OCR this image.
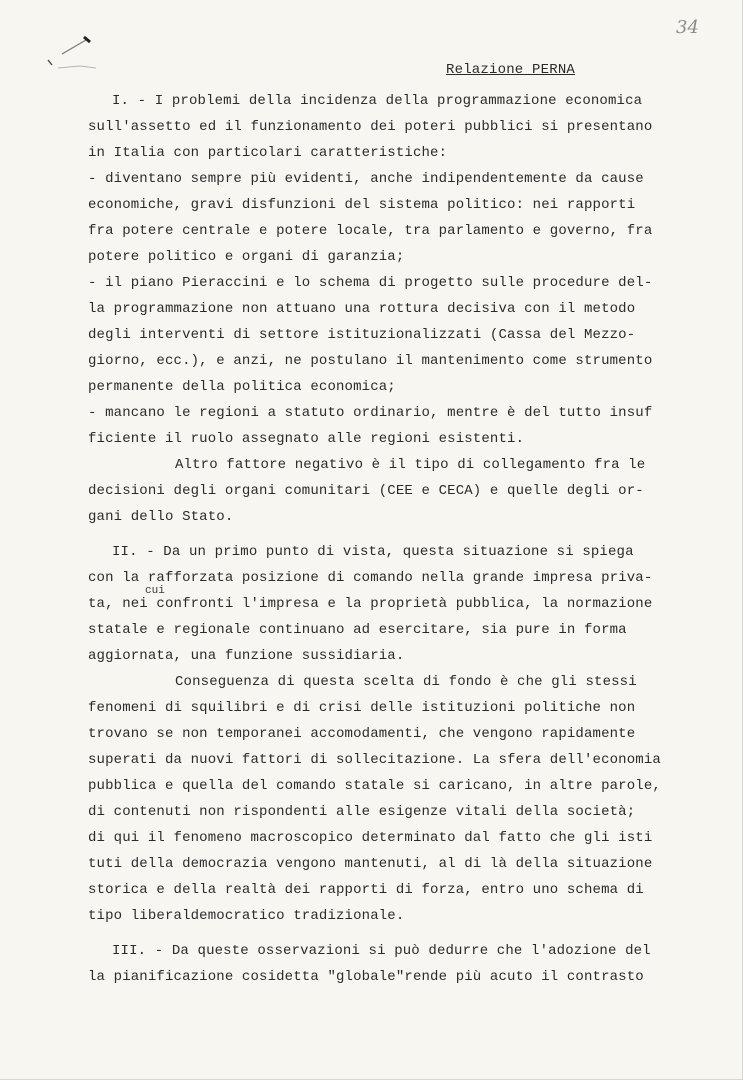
34
Relazione PERNA
I. - I problemi della incidenza della programmazione economica
sull'assetto ed il funzionamento dei poteri pubblici si presentano
in Italia con particolari caratteristiche:
- diventano sempre più evidenti, anche indipendentemente da cause
economiche, gravi disfunzioni del sistema politico: nei rapporti
fra potere centrale e potere locale, tra parlamento e governo, fra
potere politico e organi di garanzia;
- il piano Pieraccini e lo schema di progetto sulle procedure del-
la programmazione non attuano una rottura decisiva con il metodo
degli interventi di settore istituzionalizzati (Cassa del Mezzo-
giorno, ecc.), e anzi, ne postulano il mantenimento come strumento
permanente della politica economica;
- mancano le regioni a statuto ordinario, mentre è del tutto insuf
ficiente il ruolo assegnato alle regioni esistenti.
Altro fattore negativo è il tipo di collegamento fra le
decisioni degli organi comunitari (CEE e CECA) e quelle degli or-
gani dello Stato.
II. - Da un primo punto di vista, questa situazione si spiega
con la rafforzata posizione di comando nella grande impresa priva-
cui
ta, nei confronti l'impresa e la proprietà pubblica, la normazione
statale e regionale continuano ad esercitare, sia pure in forma
aggiornata, una funzione sussidiaria.
Conseguenza di questa scelta di fondo è che gli stessi
fenomeni di squilibri e di crisi delle istituzioni politiche non
trovano se non temporanei accomodamenti, che vengono rapidamente
superati da nuovi fattori di sollecitazione. La sfera dell'economia
pubblica e quella del comando statale si caricano, in altre parole,
di contenuti non rispondenti alle esigenze vitali della società;
di qui il fenomeno macroscopico determinato dal fatto che gli isti
tuti della democrazia vengono mantenuti, al di là della situazione
storica e della realtà dei rapporti di forza, entro uno schema di
tipo liberaldemocratico tradizionale.
III. - Da queste osservazioni si può dedurre che l'adozione del
la pianificazione cosidetta "globale"rende più acuto il contrasto
